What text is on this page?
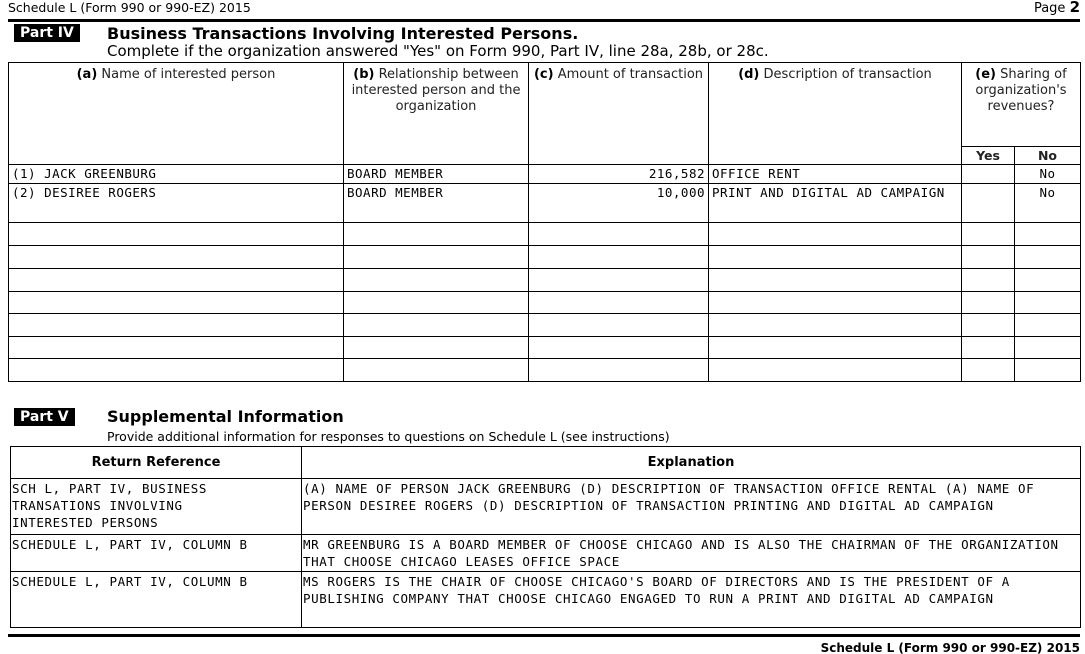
Schedule L (Form 990 or 990-EZ) 2015	Page 2
Part IV	Business Transactions Involving Interested Persons.
Complete if the organization answered "Yes" on Form 990, Part IV, line 28a, 28b, or 28c.
(a) Name of interested person	(b) Relationship between interested person and the organization	(c) Amount of transaction	(d) Description of transaction	(e) Sharing of organization's revenues?	
				Yes	No
(1) JACK GREENBURG	BOARD MEMBER	216,582	OFFICE RENT		No
(2) DESIREE ROGERS	BOARD MEMBER	10,000	PRINT AND DIGITAL AD CAMPAIGN		No

Part V	Supplemental Information
Provide additional information for responses to questions on Schedule L (see instructions)
Return Reference	Explanation
SCH L, PART IV, BUSINESS TRANSATIONS INVOLVING INTERESTED PERSONS	(A) NAME OF PERSON JACK GREENBURG (D) DESCRIPTION OF TRANSACTION OFFICE RENTAL (A) NAME OF PERSON DESIREE ROGERS (D) DESCRIPTION OF TRANSACTION PRINTING AND DIGITAL AD CAMPAIGN
SCHEDULE L, PART IV, COLUMN B	MR GREENBURG IS A BOARD MEMBER OF CHOOSE CHICAGO AND IS ALSO THE CHAIRMAN OF THE ORGANIZATION THAT CHOOSE CHICAGO LEASES OFFICE SPACE
SCHEDULE L, PART IV, COLUMN B	MS ROGERS IS THE CHAIR OF CHOOSE CHICAGO'S BOARD OF DIRECTORS AND IS THE PRESIDENT OF A PUBLISHING COMPANY THAT CHOOSE CHICAGO ENGAGED TO RUN A PRINT AND DIGITAL AD CAMPAIGN
Schedule L (Form 990 or 990-EZ) 2015
